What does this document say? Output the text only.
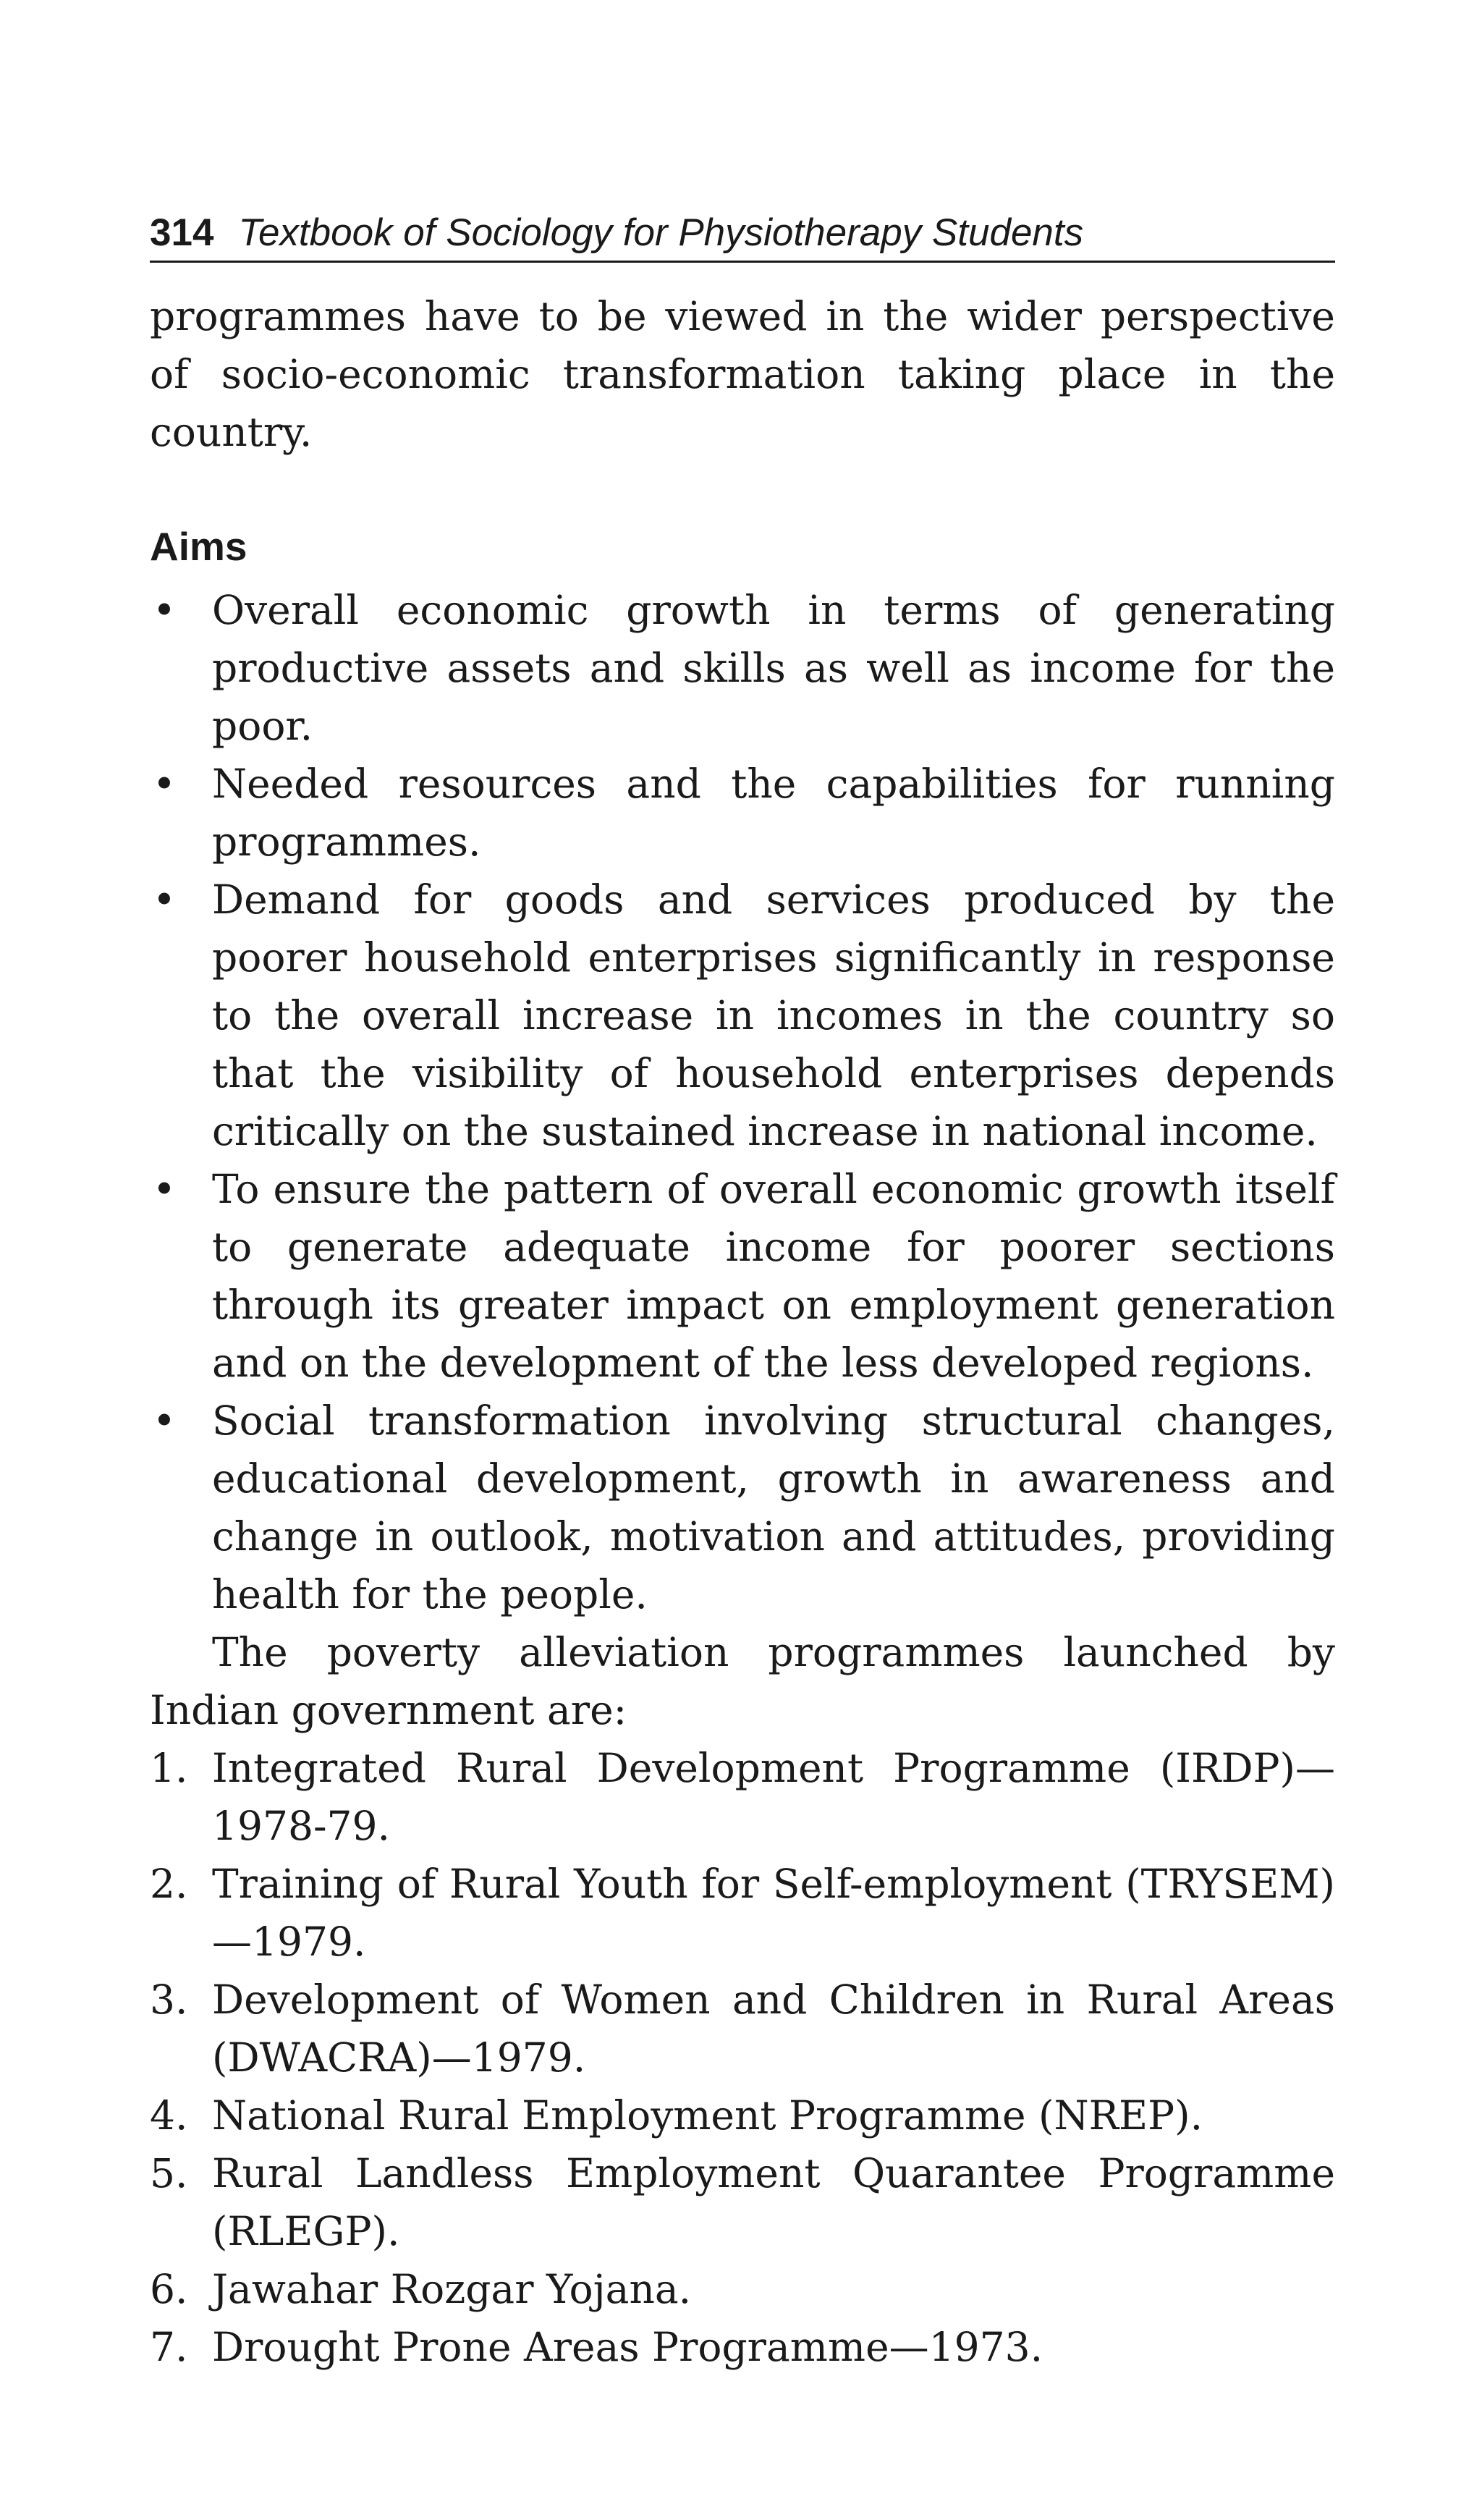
314 Textbook of Sociology for Physiotherapy Students

programmes have to be viewed in the wider perspective of socio-economic transformation taking place in the country.

Aims
• Overall economic growth in terms of generating productive assets and skills as well as income for the poor.
• Needed resources and the capabilities for running programmes.
• Demand for goods and services produced by the poorer household enterprises significantly in response to the overall increase in incomes in the country so that the visibility of household enterprises depends critically on the sustained increase in national income.
• To ensure the pattern of overall economic growth itself to generate adequate income for poorer sections through its greater impact on employment generation and on the development of the less developed regions.
• Social transformation involving structural changes, educational development, growth in awareness and change in outlook, motivation and attitudes, providing health for the people.

The poverty alleviation programmes launched by Indian government are:

1. Integrated Rural Development Programme (IRDP)—1978-79.
2. Training of Rural Youth for Self-employment (TRYSEM)—1979.
3. Development of Women and Children in Rural Areas (DWACRA)—1979.
4. National Rural Employment Programme (NREP).
5. Rural Landless Employment Quarantee Programme (RLEGP).
6. Jawahar Rozgar Yojana.
7. Drought Prone Areas Programme—1973.
